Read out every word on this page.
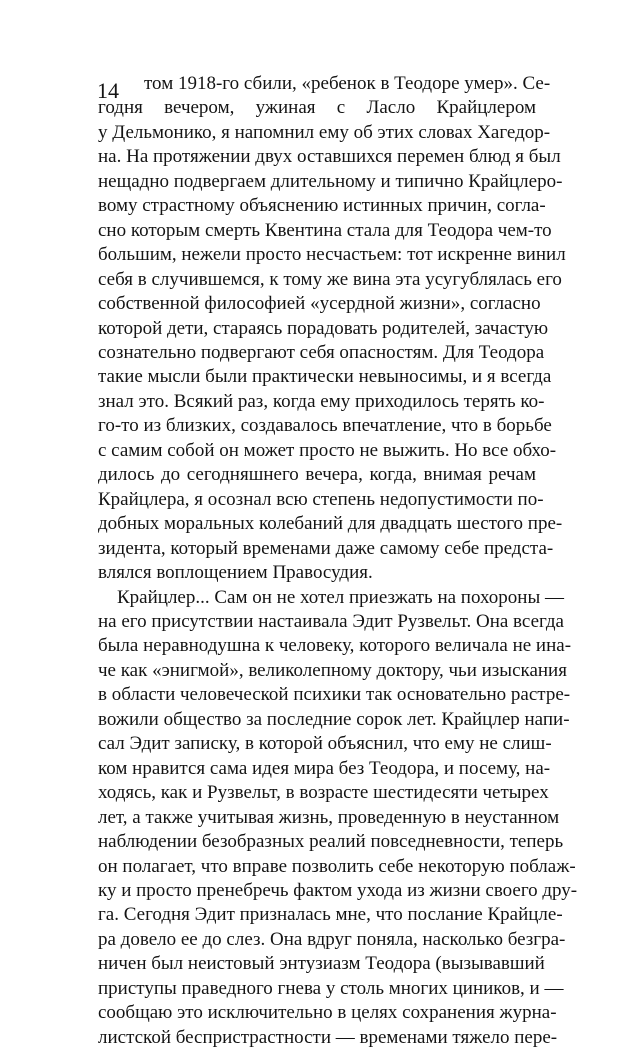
14	том 1918-го сбили, «ребенок в Теодоре умер». Се-
годня вечером, ужиная с Ласло Крайцлером
у Дельмонико, я напомнил ему об этих словах Хагедор-
на. На протяжении двух оставшихся перемен блюд я был
нещадно подвергаем длительному и типично Крайцлеро-
вому страстному объяснению истинных причин, согла-
сно которым смерть Квентина стала для Теодора чем-то
большим, нежели просто несчастьем: тот искренне винил
себя в случившемся, к тому же вина эта усугублялась его
собственной философией «усердной жизни», согласно
которой дети, стараясь порадовать родителей, зачастую
сознательно подвергают себя опасностям. Для Теодора
такие мысли были практически невыносимы, и я всегда
знал это. Всякий раз, когда ему приходилось терять ко-
го-то из близких, создавалось впечатление, что в борьбе
с самим собой он может просто не выжить. Но все обхо-
дилось до сегодняшнего вечера, когда, внимая речам
Крайцлера, я осознал всю степень недопустимости по-
добных моральных колебаний для двадцать шестого пре-
зидента, который временами даже самому себе предста-
влялся воплощением Правосудия.
Крайцлер... Сам он не хотел приезжать на похороны —
на его присутствии настаивала Эдит Рузвельт. Она всегда
была неравнодушна к человеку, которого величала не ина-
че как «энигмой», великолепному доктору, чьи изыскания
в области человеческой психики так основательно растре-
вожили общество за последние сорок лет. Крайцлер напи-
сал Эдит записку, в которой объяснил, что ему не слиш-
ком нравится сама идея мира без Теодора, и посему, на-
ходясь, как и Рузвельт, в возрасте шестидесяти четырех
лет, а также учитывая жизнь, проведенную в неустанном
наблюдении безобразных реалий повседневности, теперь
он полагает, что вправе позволить себе некоторую поблаж-
ку и просто пренебречь фактом ухода из жизни своего дру-
га. Сегодня Эдит призналась мне, что послание Крайцле-
ра довело ее до слез. Она вдруг поняла, насколько безгра-
ничен был неистовый энтузиазм Теодора (вызывавший
приступы праведного гнева у столь многих циников, и —
сообщаю это исключительно в целях сохранения журна-
листской беспристрастности — временами тяжело пере-
